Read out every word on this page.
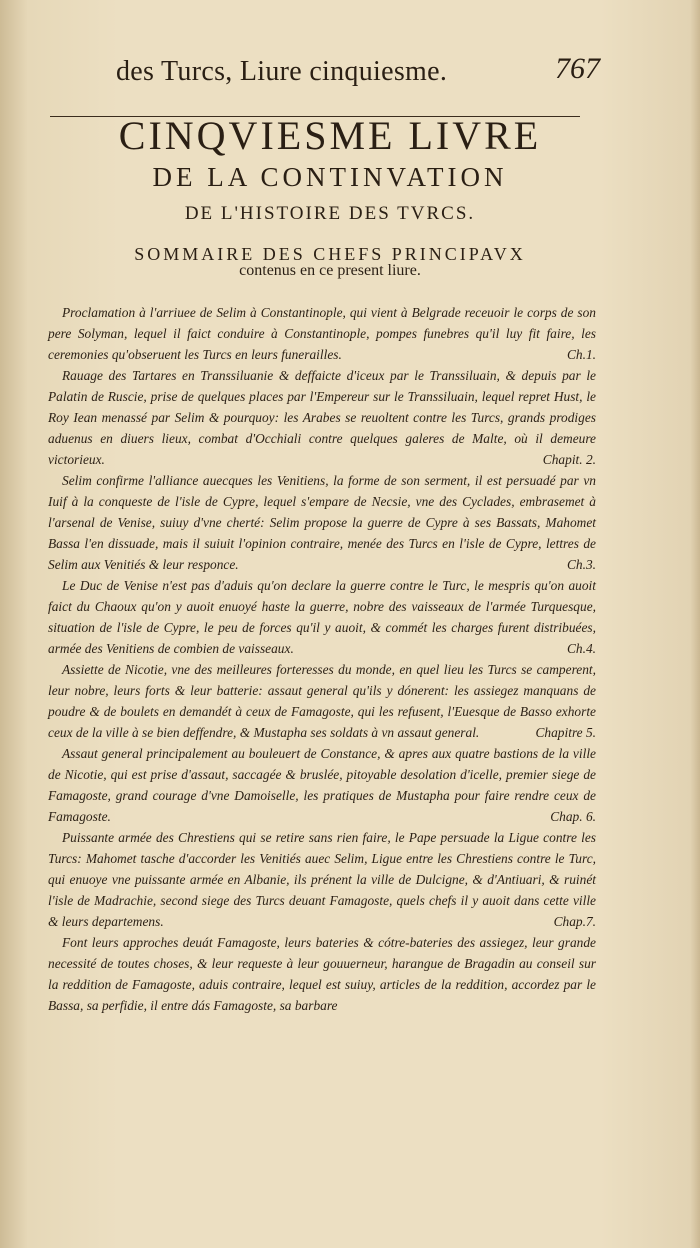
des Turcs, Liure cinquiesme.	767
CINQVIESME LIVRE
DE LA CONTINVATION
DE L'HISTOIRE DES TVRCS.
SOMMAIRE DES CHEFS PRINCIPAVX
contenus en ce present liure.

Proclamation à l'arriuee de Selim à Constantinople, qui vient à Belgrade receuoir le corps de son pere Solyman, lequel il faict conduire à Constantinople, pompes funebres qu'il luy fit faire, les ceremonies qu'obseruent les Turcs en leurs funerailles.	Ch.1.

Rauage des Tartares en Transsiluanie & deffaicte d'iceux par le Transsiluain, & depuis par le Palatin de Ruscie, prise de quelques places par l'Empereur sur le Transsiluain, lequel repret Hust, le Roy Iean menassé par Selim & pourquoy: les Arabes se reuoltent contre les Turcs, grands prodiges aduenus en diuers lieux, combat d'Occhiali contre quelques galeres de Malte, où il demeure victorieux.	Chapit. 2.

Selim confirme l'alliance auecques les Venitiens, la forme de son serment, il est persuadé par vn Iuif à la conqueste de l'isle de Cypre, lequel s'empare de Necsie, vne des Cyclades, embrasemet à l'arsenal de Venise, suiuy d'vne cherté: Selim propose la guerre de Cypre à ses Bassats, Mahomet Bassa l'en dissuade, mais il suiuit l'opinion contraire, menée des Turcs en l'isle de Cypre, lettres de Selim aux Venitiés & leur responce.	Ch.3.

Le Duc de Venise n'est pas d'aduis qu'on declare la guerre contre le Turc, le mespris qu'on auoit faict du Chaoux qu'on y auoit enuoyé haste la guerre, nobre des vaisseaux de l'armée Turquesque, situation de l'isle de Cypre, le peu de forces qu'il y auoit, & commét les charges furent distribuées, armée des Venitiens de combien de vaisseaux.	Ch.4.

Assiette de Nicotie, vne des meilleures forteresses du monde, en quel lieu les Turcs se camperent, leur nobre, leurs forts & leur batterie: assaut general qu'ils y dónerent: les assiegez manquans de poudre & de boulets en demandét à ceux de Famagoste, qui les refusent, l'Euesque de Basso exhorte ceux de la ville à se bien deffendre, & Mustapha ses soldats à vn assaut general.	Chapitre 5.

Assaut general principalement au bouleuert de Constance, & apres aux quatre bastions de la ville de Nicotie, qui est prise d'assaut, saccagée & bruslée, pitoyable desolation d'icelle, premier siege de Famagoste, grand courage d'vne Damoiselle, les pratiques de Mustapha pour faire rendre ceux de Famagoste.	Chap. 6.

Puissante armée des Chrestiens qui se retire sans rien faire, le Pape persuade la Ligue contre les Turcs: Mahomet tasche d'accorder les Venitiés auec Selim, Ligue entre les Chrestiens contre le Turc, qui enuoye vne puissante armée en Albanie, ils prénent la ville de Dulcigne, & d'Antiuari, & ruinét l'isle de Madrachie, second siege des Turcs deuant Famagoste, quels chefs il y auoit dans cette ville & leurs departemens.	Chap.7.

Font leurs approches deuát Famagoste, leurs bateries & cótre-bateries des assiegez, leur grande necessité de toutes choses, & leur requeste à leur gouuerneur, harangue de Bragadin au conseil sur la reddition de Famagoste, aduis contraire, lequel est suiuy, articles de la reddition, accordez par le Bassa, sa perfidie, il entre dás Famagoste, sa barbare
